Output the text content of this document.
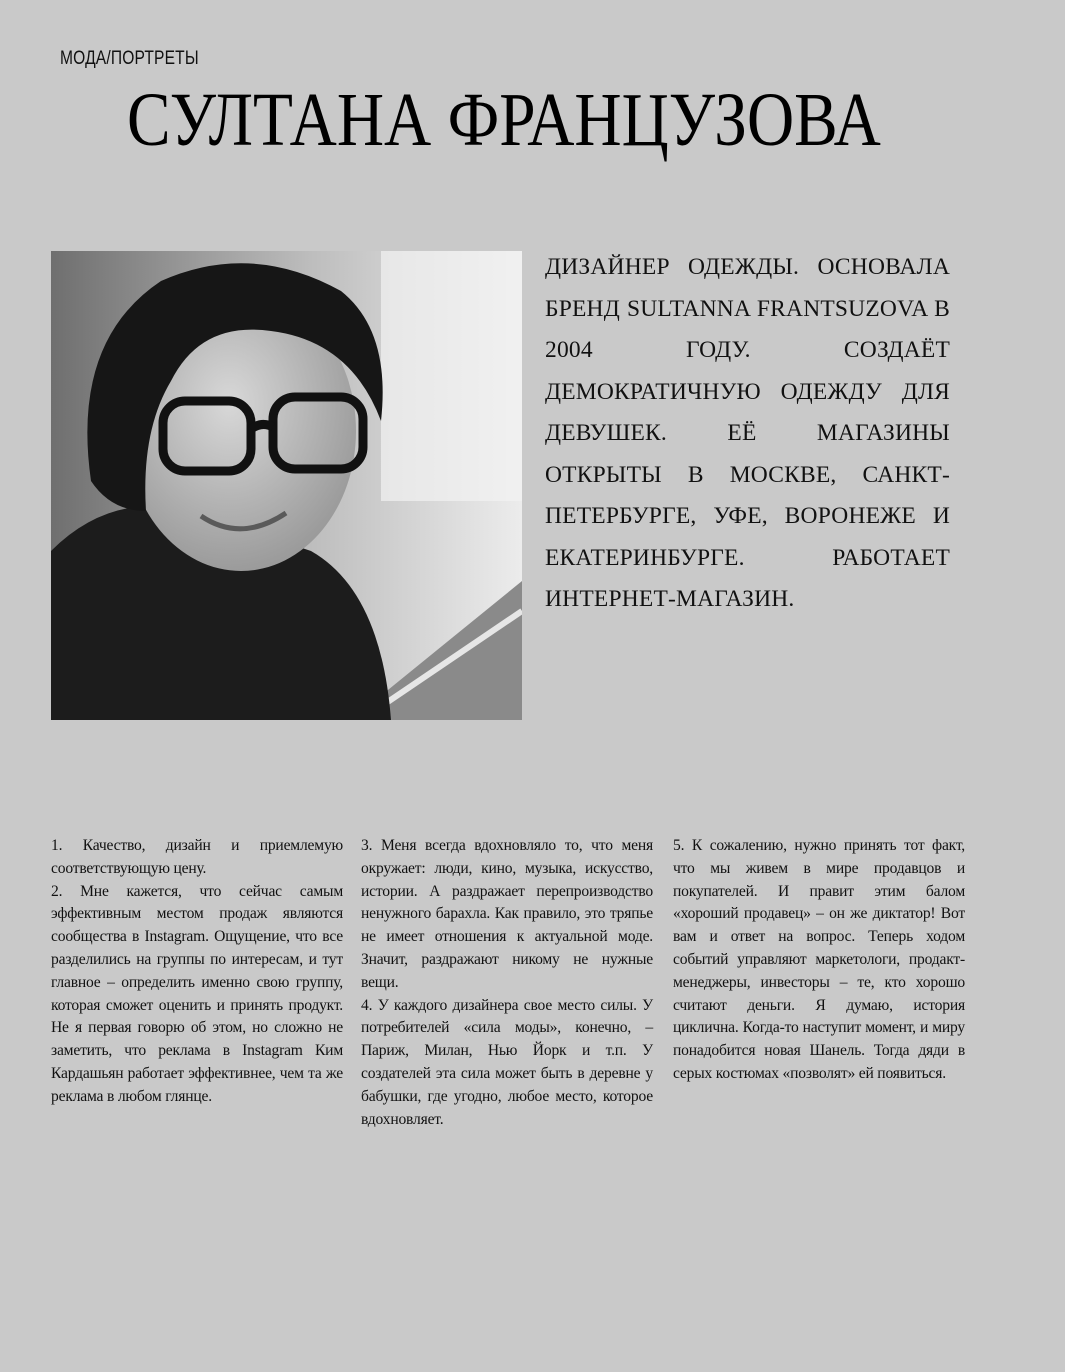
МОДА/ПОРТРЕТЫ
СУЛТАНА ФРАНЦУЗОВА

ДИЗАЙНЕР ОДЕЖДЫ. ОСНОВАЛА БРЕНД SULTANNA FRANTSUZOVA В 2004 ГОДУ. СОЗДАЁТ ДЕМОКРАТИЧНУЮ ОДЕЖДУ ДЛЯ ДЕВУШЕК. ЕЁ МАГАЗИНЫ ОТКРЫТЫ В МОСКВЕ, САНКТ-ПЕТЕРБУРГЕ, УФЕ, ВОРОНЕЖЕ И ЕКАТЕРИНБУРГЕ. РАБОТАЕТ ИНТЕРНЕТ-МАГАЗИН.

1. Качество, дизайн и приемлемую соответствующую цену.

2. Мне кажется, что сейчас самым эффективным местом продаж являются сообщества в Instagram. Ощущение, что все разделились на группы по интересам, и тут главное – определить именно свою группу, которая сможет оценить и принять продукт. Не я первая говорю об этом, но сложно не заметить, что реклама в Instagram Ким Кардашьян работает эффективнее, чем та же реклама в любом глянце.

3. Меня всегда вдохновляло то, что меня окружает: люди, кино, музыка, искусство, истории. А раздражает перепроизводство ненужного барахла. Как правило, это тряпье не имеет отношения к актуальной моде. Значит, раздражают никому не нужные вещи.

4. У каждого дизайнера свое место силы. У потребителей «сила моды», конечно, – Париж, Милан, Нью Йорк и т.п. У создателей эта сила может быть в деревне у бабушки, где угодно, любое место, которое вдохновляет.

5. К сожалению, нужно принять тот факт, что мы живем в мире продавцов и покупателей. И правит этим балом «хороший продавец» – он же диктатор! Вот вам и ответ на вопрос. Теперь ходом событий управляют маркетологи, продакт-менеджеры, инвесторы – те, кто хорошо считают деньги. Я думаю, история циклична. Когда-то наступит момент, и миру понадобится новая Шанель. Тогда дяди в серых костюмах «позволят» ей появиться.
